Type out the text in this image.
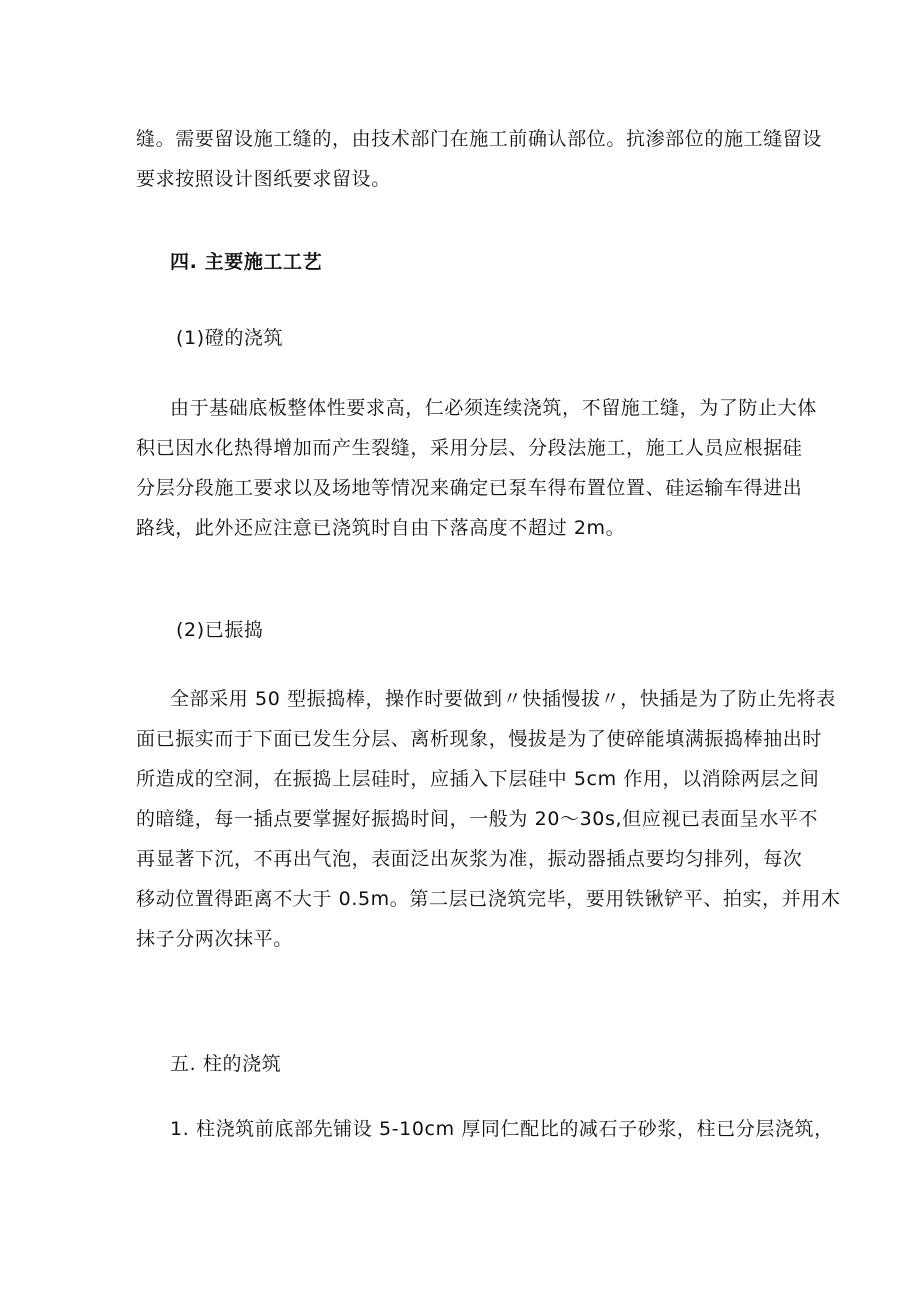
缝。需要留设施工缝的，由技术部门在施工前确认部位。抗渗部位的施工缝留设
要求按照设计图纸要求留设。
四. 主要施工工艺
(1)磴的浇筑
由于基础底板整体性要求高，仁必须连续浇筑，不留施工缝，为了防止大体
积已因水化热得增加而产生裂缝，采用分层、分段法施工，施工人员应根据硅
分层分段施工要求以及场地等情况来确定已泵车得布置位置、硅运输车得进出
路线，此外还应注意已浇筑时自由下落高度不超过 2m。
(2)已振捣
全部采用 50 型振捣棒，操作时要做到〃快插慢拔〃，快插是为了防止先将表
面已振实而于下面已发生分层、离析现象，慢拔是为了使碎能填满振捣棒抽出时
所造成的空洞，在振捣上层硅时，应插入下层硅中 5cm 作用，以消除两层之间
的暗缝，每一插点要掌握好振捣时间，一般为 20～30s,但应视已表面呈水平不
再显著下沉，不再出气泡，表面泛出灰浆为准，振动器插点要均匀排列，每次
移动位置得距离不大于 0.5m。第二层已浇筑完毕，要用铁锹铲平、拍实，并用木
抹子分两次抹平。
五. 柱的浇筑
1. 柱浇筑前底部先铺设 5-10cm 厚同仁配比的减石子砂浆，柱已分层浇筑，
